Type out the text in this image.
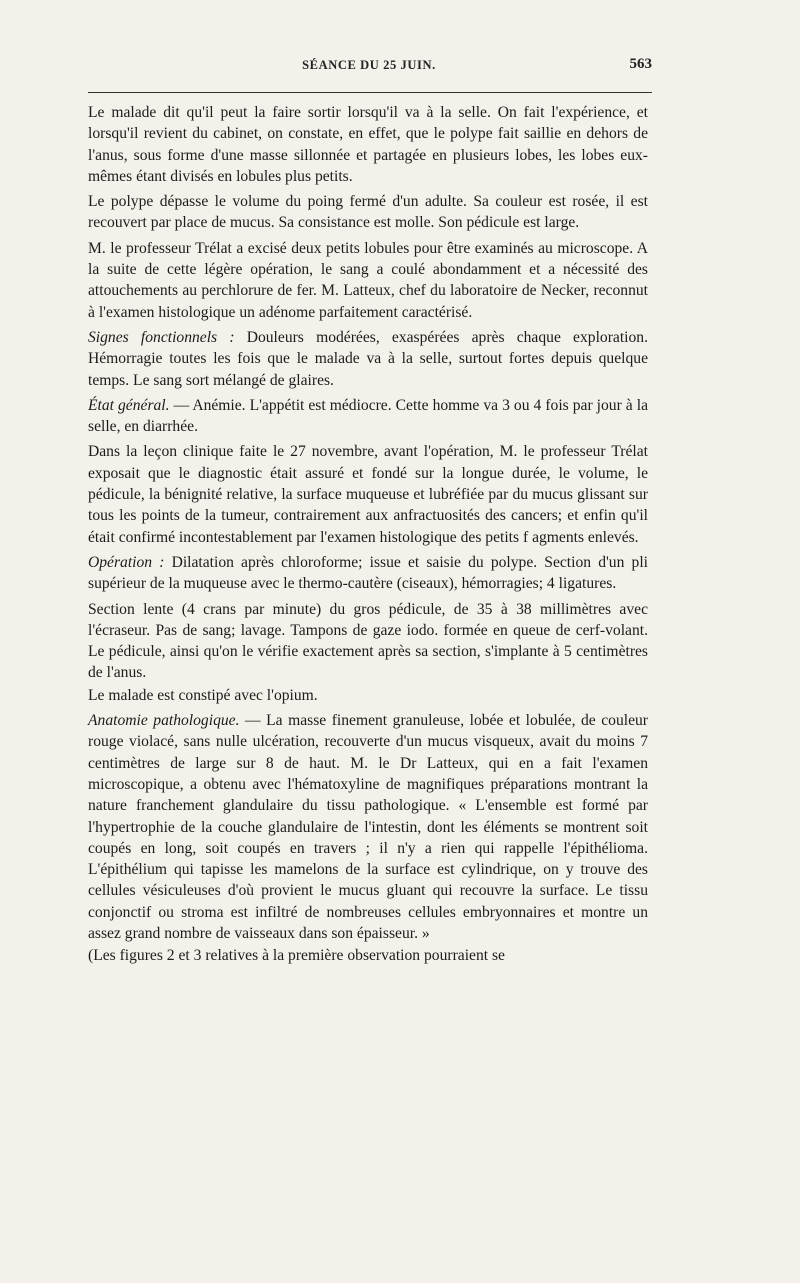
SÉANCE DU 25 JUIN.	563

Le malade dit qu'il peut la faire sortir lorsqu'il va à la selle. On fait l'expérience, et lorsqu'il revient du cabinet, on constate, en effet, que le polype fait saillie en dehors de l'anus, sous forme d'une masse sillonnée et partagée en plusieurs lobes, les lobes eux-mêmes étant divisés en lobules plus petits.

Le polype dépasse le volume du poing fermé d'un adulte. Sa couleur est rosée, il est recouvert par place de mucus. Sa consistance est molle. Son pédicule est large.

M. le professeur Trélat a excisé deux petits lobules pour être examinés au microscope. A la suite de cette légère opération, le sang a coulé abondamment et a nécessité des attouchements au perchlorure de fer. M. Latteux, chef du laboratoire de Necker, reconnut à l'examen histologique un adénome parfaitement caractérisé.

Signes fonctionnels : Douleurs modérées, exaspérées après chaque exploration. Hémorragie toutes les fois que le malade va à la selle, surtout fortes depuis quelque temps. Le sang sort mélangé de glaires.

État général. — Anémie. L'appétit est médiocre. Cette homme va 3 ou 4 fois par jour à la selle, en diarrhée.

Dans la leçon clinique faite le 27 novembre, avant l'opération, M. le professeur Trélat exposait que le diagnostic était assuré et fondé sur la longue durée, le volume, le pédicule, la bénignité relative, la surface muqueuse et lubréfiée par du mucus glissant sur tous les points de la tumeur, contrairement aux anfractuosités des cancers; et enfin qu'il était confirmé incontestablement par l'examen histologique des petits f agments enlevés.

Opération : Dilatation après chloroforme; issue et saisie du polype. Section d'un pli supérieur de la muqueuse avec le thermo-cautère (ciseaux), hémorragies; 4 ligatures.

Section lente (4 crans par minute) du gros pédicule, de 35 à 38 millimètres avec l'écraseur. Pas de sang; lavage. Tampons de gaze iodo. formée en queue de cerf-volant. Le pédicule, ainsi qu'on le vérifie exactement après sa section, s'implante à 5 centimètres de l'anus.

Le malade est constipé avec l'opium.

Anatomie pathologique. — La masse finement granuleuse, lobée et lobulée, de couleur rouge violacé, sans nulle ulcération, recouverte d'un mucus visqueux, avait du moins 7 centimètres de large sur 8 de haut. M. le Dr Latteux, qui en a fait l'examen microscopique, a obtenu avec l'hématoxyline de magnifiques préparations montrant la nature franchement glandulaire du tissu pathologique. « L'ensemble est formé par l'hypertrophie de la couche glandulaire de l'intestin, dont les éléments se montrent soit coupés en long, soit coupés en travers ; il n'y a rien qui rappelle l'épithélioma. L'épithélium qui tapisse les mamelons de la surface est cylindrique, on y trouve des cellules vésiculeuses d'où provient le mucus gluant qui recouvre la surface. Le tissu conjonctif ou stroma est infiltré de nombreuses cellules embryonnaires et montre un assez grand nombre de vaisseaux dans son épaisseur. »

(Les figures 2 et 3 relatives à la première observation pourraient se
